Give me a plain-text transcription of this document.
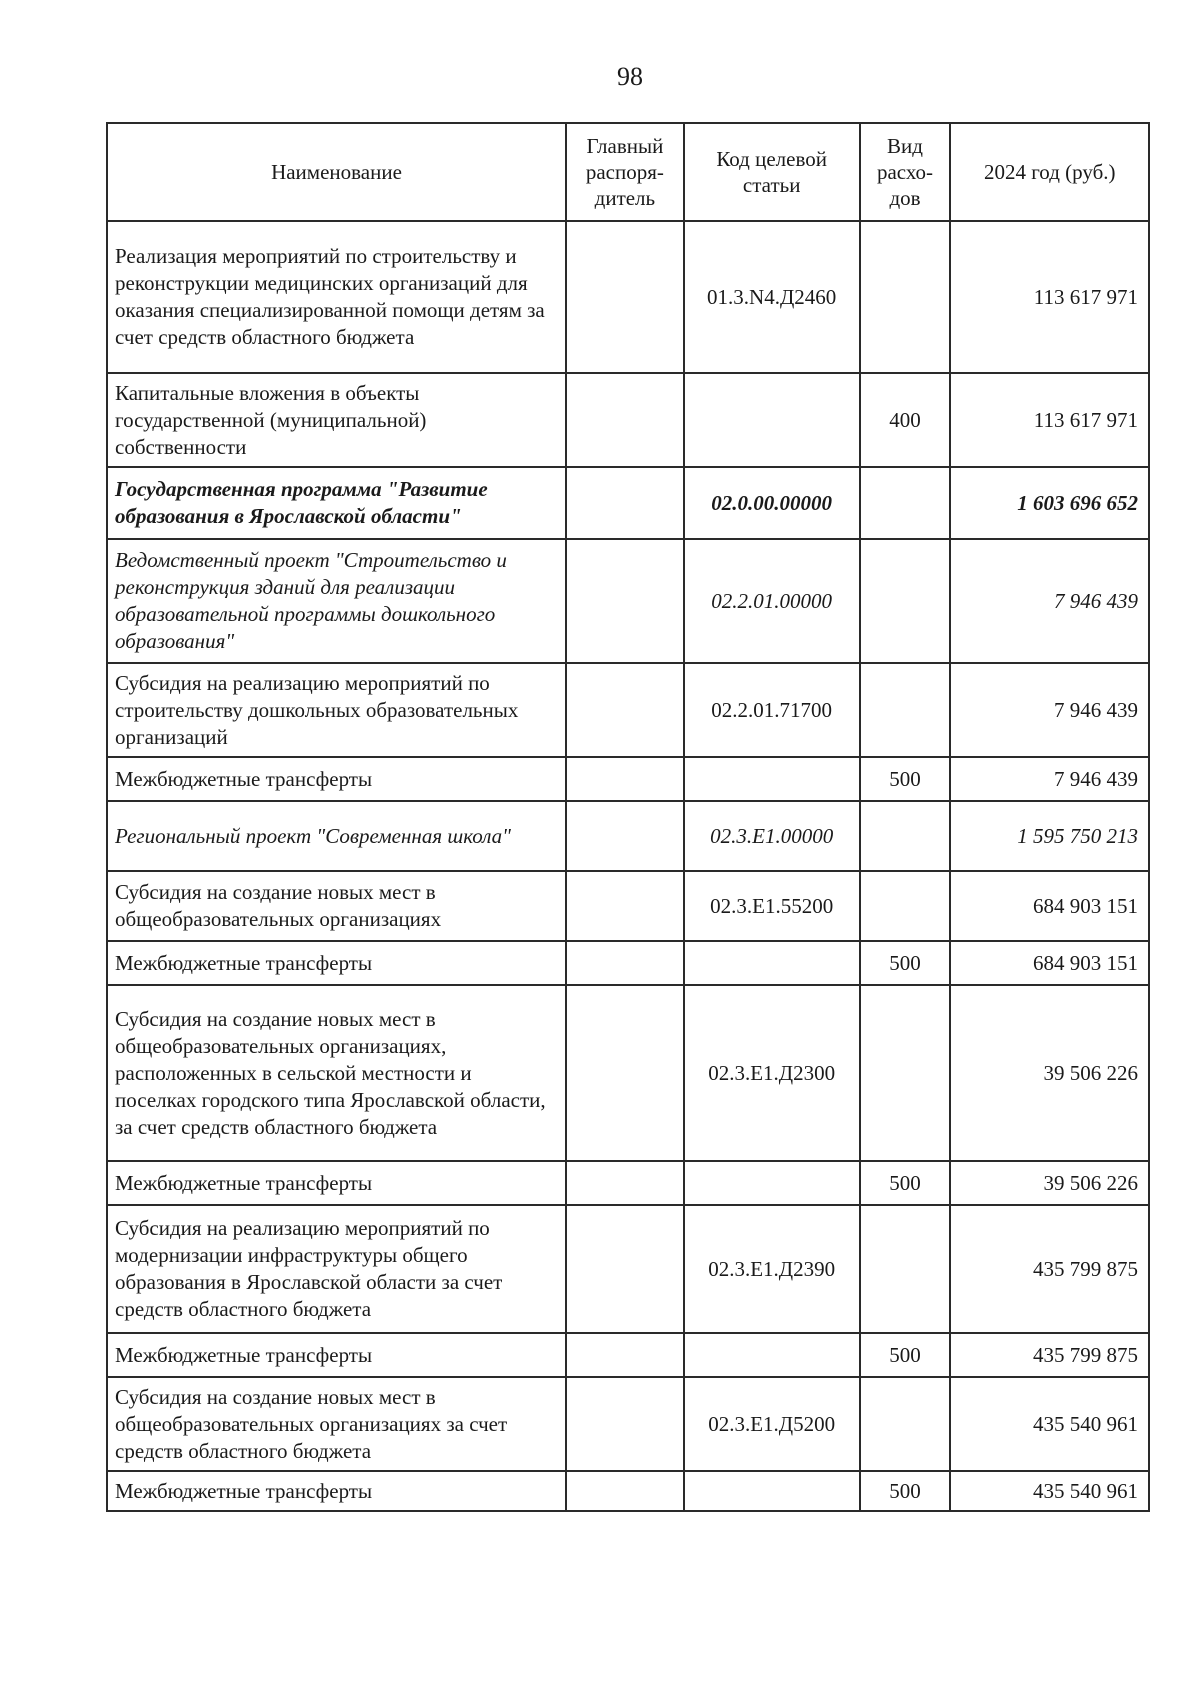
98
Наименование	Главный распоря-дитель	Код целевой статьи	Вид расхо-дов	2024 год (руб.)
Реализация мероприятий по строительству и реконструкции медицинских организаций для оказания специализированной помощи детям за счет средств областного бюджета		01.3.N4.Д2460		113 617 971
Капитальные вложения в объекты государственной (муниципальной) собственности			400	113 617 971
Государственная программа "Развитие образования в Ярославской области"		02.0.00.00000		1 603 696 652
Ведомственный проект "Строительство и реконструкция зданий для реализации образовательной программы дошкольного образования"		02.2.01.00000		7 946 439
Субсидия на реализацию мероприятий по строительству дошкольных образовательных организаций		02.2.01.71700		7 946 439
Межбюджетные трансферты			500	7 946 439
Региональный проект "Современная школа"		02.3.Е1.00000		1 595 750 213
Субсидия на создание новых мест в общеобразовательных организациях		02.3.Е1.55200		684 903 151
Межбюджетные трансферты			500	684 903 151
Субсидия на создание новых мест в общеобразовательных организациях, расположенных в сельской местности и поселках городского типа Ярославской области, за счет средств областного бюджета		02.3.Е1.Д2300		39 506 226
Межбюджетные трансферты			500	39 506 226
Субсидия на реализацию мероприятий по модернизации инфраструктуры общего образования в Ярославской области за счет средств областного бюджета		02.3.Е1.Д2390		435 799 875
Межбюджетные трансферты			500	435 799 875
Субсидия на создание новых мест в общеобразовательных организациях за счет средств областного бюджета		02.3.Е1.Д5200		435 540 961
Межбюджетные трансферты			500	435 540 961
